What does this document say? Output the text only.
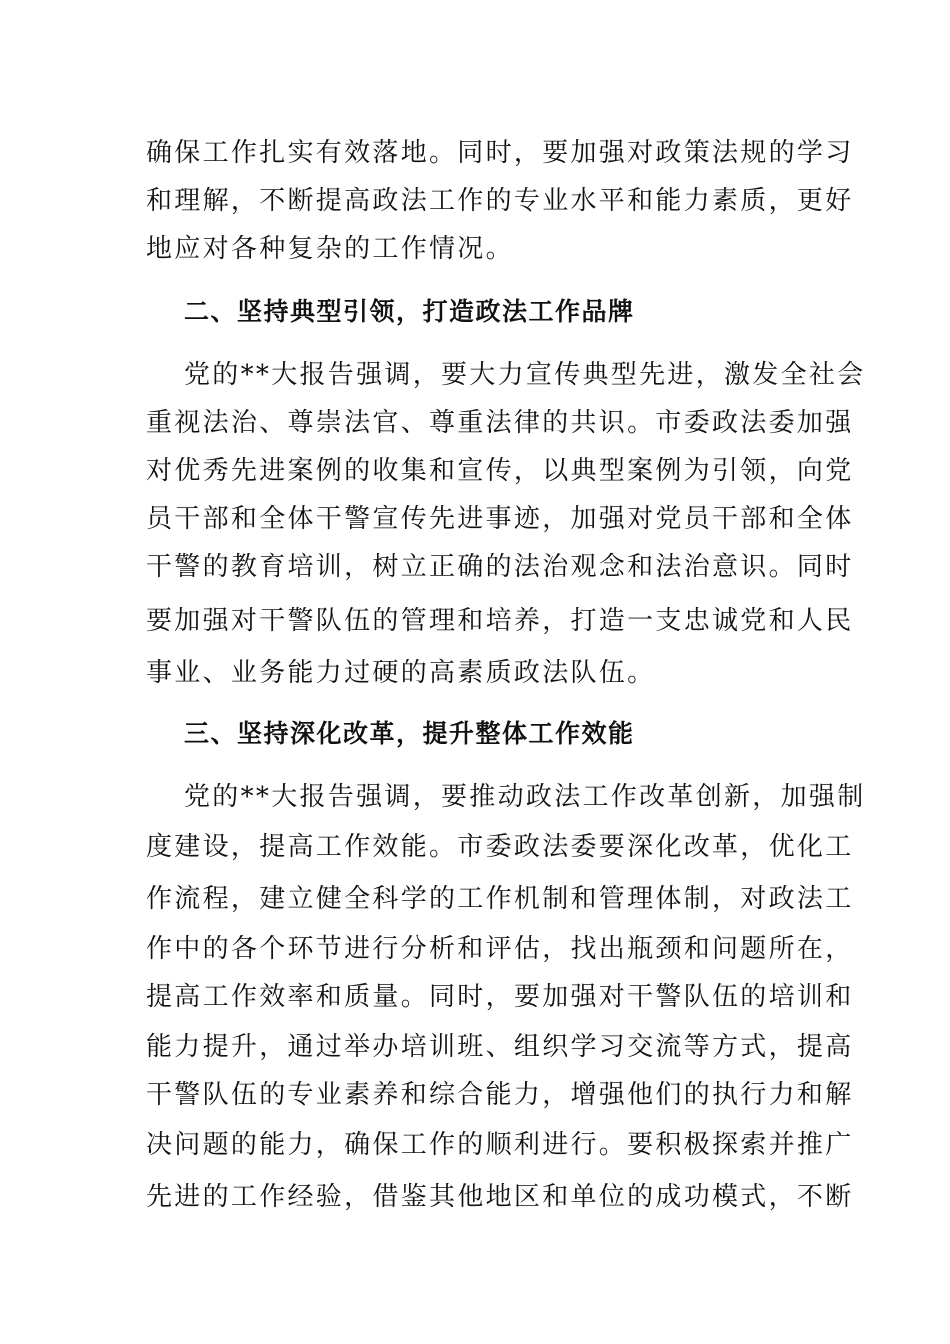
确保工作扎实有效落地。同时，要加强对政策法规的学习
和理解，不断提高政法工作的专业水平和能力素质，更好
地应对各种复杂的工作情况。
二、坚持典型引领，打造政法工作品牌
党的**大报告强调，要大力宣传典型先进，激发全社会
重视法治、尊崇法官、尊重法律的共识。市委政法委加强
对优秀先进案例的收集和宣传，以典型案例为引领，向党
员干部和全体干警宣传先进事迹，加强对党员干部和全体
干警的教育培训，树立正确的法治观念和法治意识。同时
要加强对干警队伍的管理和培养，打造一支忠诚党和人民
事业、业务能力过硬的高素质政法队伍。
三、坚持深化改革，提升整体工作效能
党的**大报告强调，要推动政法工作改革创新，加强制
度建设，提高工作效能。市委政法委要深化改革，优化工
作流程，建立健全科学的工作机制和管理体制，对政法工
作中的各个环节进行分析和评估，找出瓶颈和问题所在，
提高工作效率和质量。同时，要加强对干警队伍的培训和
能力提升，通过举办培训班、组织学习交流等方式，提高
干警队伍的专业素养和综合能力，增强他们的执行力和解
决问题的能力，确保工作的顺利进行。要积极探索并推广
先进的工作经验，借鉴其他地区和单位的成功模式，不断
